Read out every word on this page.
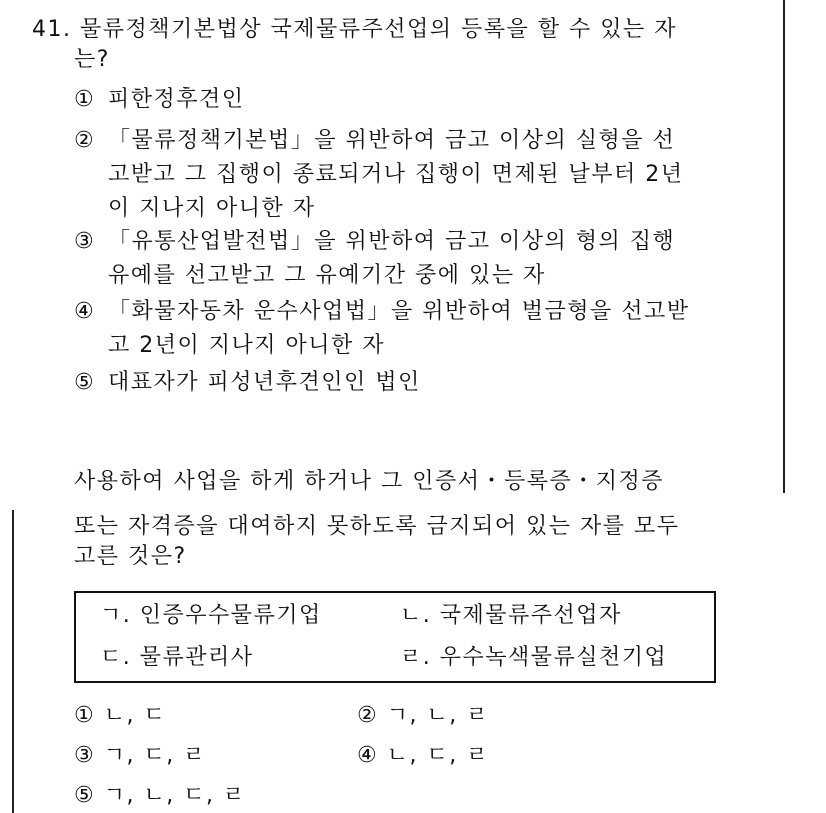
41. 물류정책기본법상 국제물류주선업의 등록을 할 수 있는 자
는?
① 피한정후견인
② 「물류정책기본법」을 위반하여 금고 이상의 실형을 선
고받고 그 집행이 종료되거나 집행이 면제된 날부터 2년
이 지나지 아니한 자
③ 「유통산업발전법」을 위반하여 금고 이상의 형의 집행
유예를 선고받고 그 유예기간 중에 있는 자
④ 「화물자동차 운수사업법」을 위반하여 벌금형을 선고받
고 2년이 지나지 아니한 자
⑤ 대표자가 피성년후견인인 법인
사용하여 사업을 하게 하거나 그 인증서・등록증・지정증
또는 자격증을 대여하지 못하도록 금지되어 있는 자를 모두
고른 것은?
ㄱ. 인증우수물류기업	ㄴ. 국제물류주선업자
ㄷ. 물류관리사	ㄹ. 우수녹색물류실천기업
① ㄴ, ㄷ	② ㄱ, ㄴ, ㄹ
③ ㄱ, ㄷ, ㄹ	④ ㄴ, ㄷ, ㄹ
⑤ ㄱ, ㄴ, ㄷ, ㄹ
